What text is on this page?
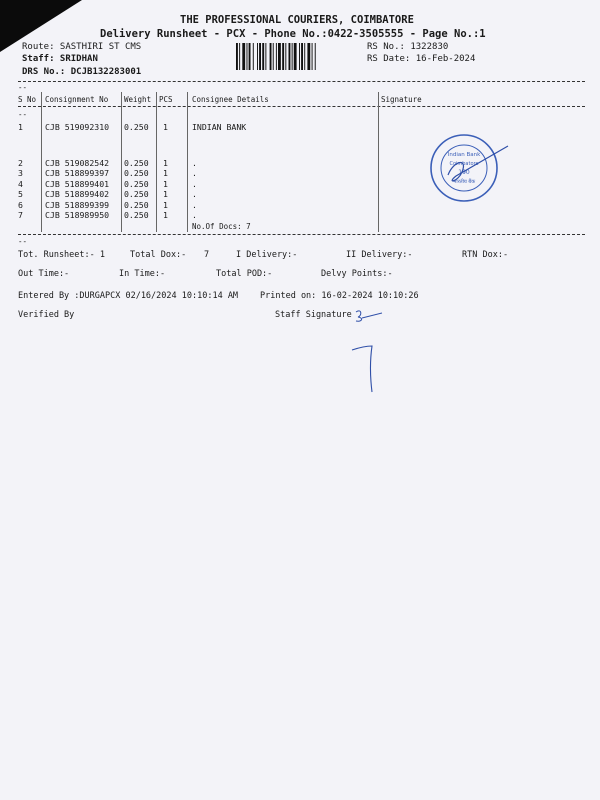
THE PROFESSIONAL COURIERS, COIMBATORE
Delivery Runsheet - PCX - Phone No.:0422-3505555 - Page No.:1
Route: SASTHIRI ST CMS
Staff: SRIDHAN
DRS No.: DCJB132283001
RS No.: 1322830
RS Date: 16-Feb-2024
--
S No Consignment No Weight PCS	Consignee Details	Signature
--
1	CJB 519092310 0.250 1	INDIAN BANK
2	CJB 519082542 0.250 1	.
3	CJB 518899397 0.250 1	.
4	CJB 518899401 0.250 1	.
5	CJB 518899402 0.250 1	.
6	CJB 518899399 0.250 1	.
7	CJB 518989950 0.250 1	.
No.Of Docs: 7
--
Tot. Runsheet:- 1	Total Dox:- 7	I Delivery:-	II Delivery:-	RTN Dox:-
Out Time:-	In Time:-	Total POD:-	Delvy Points:-
Entered By :DURGAPCX 02/16/2024 10:10:14 AM	Printed on: 16-02-2024 10:10:26
Verified By	Staff Signature
Indian Bank
Coimbatore
190
भारतीय बैंक
